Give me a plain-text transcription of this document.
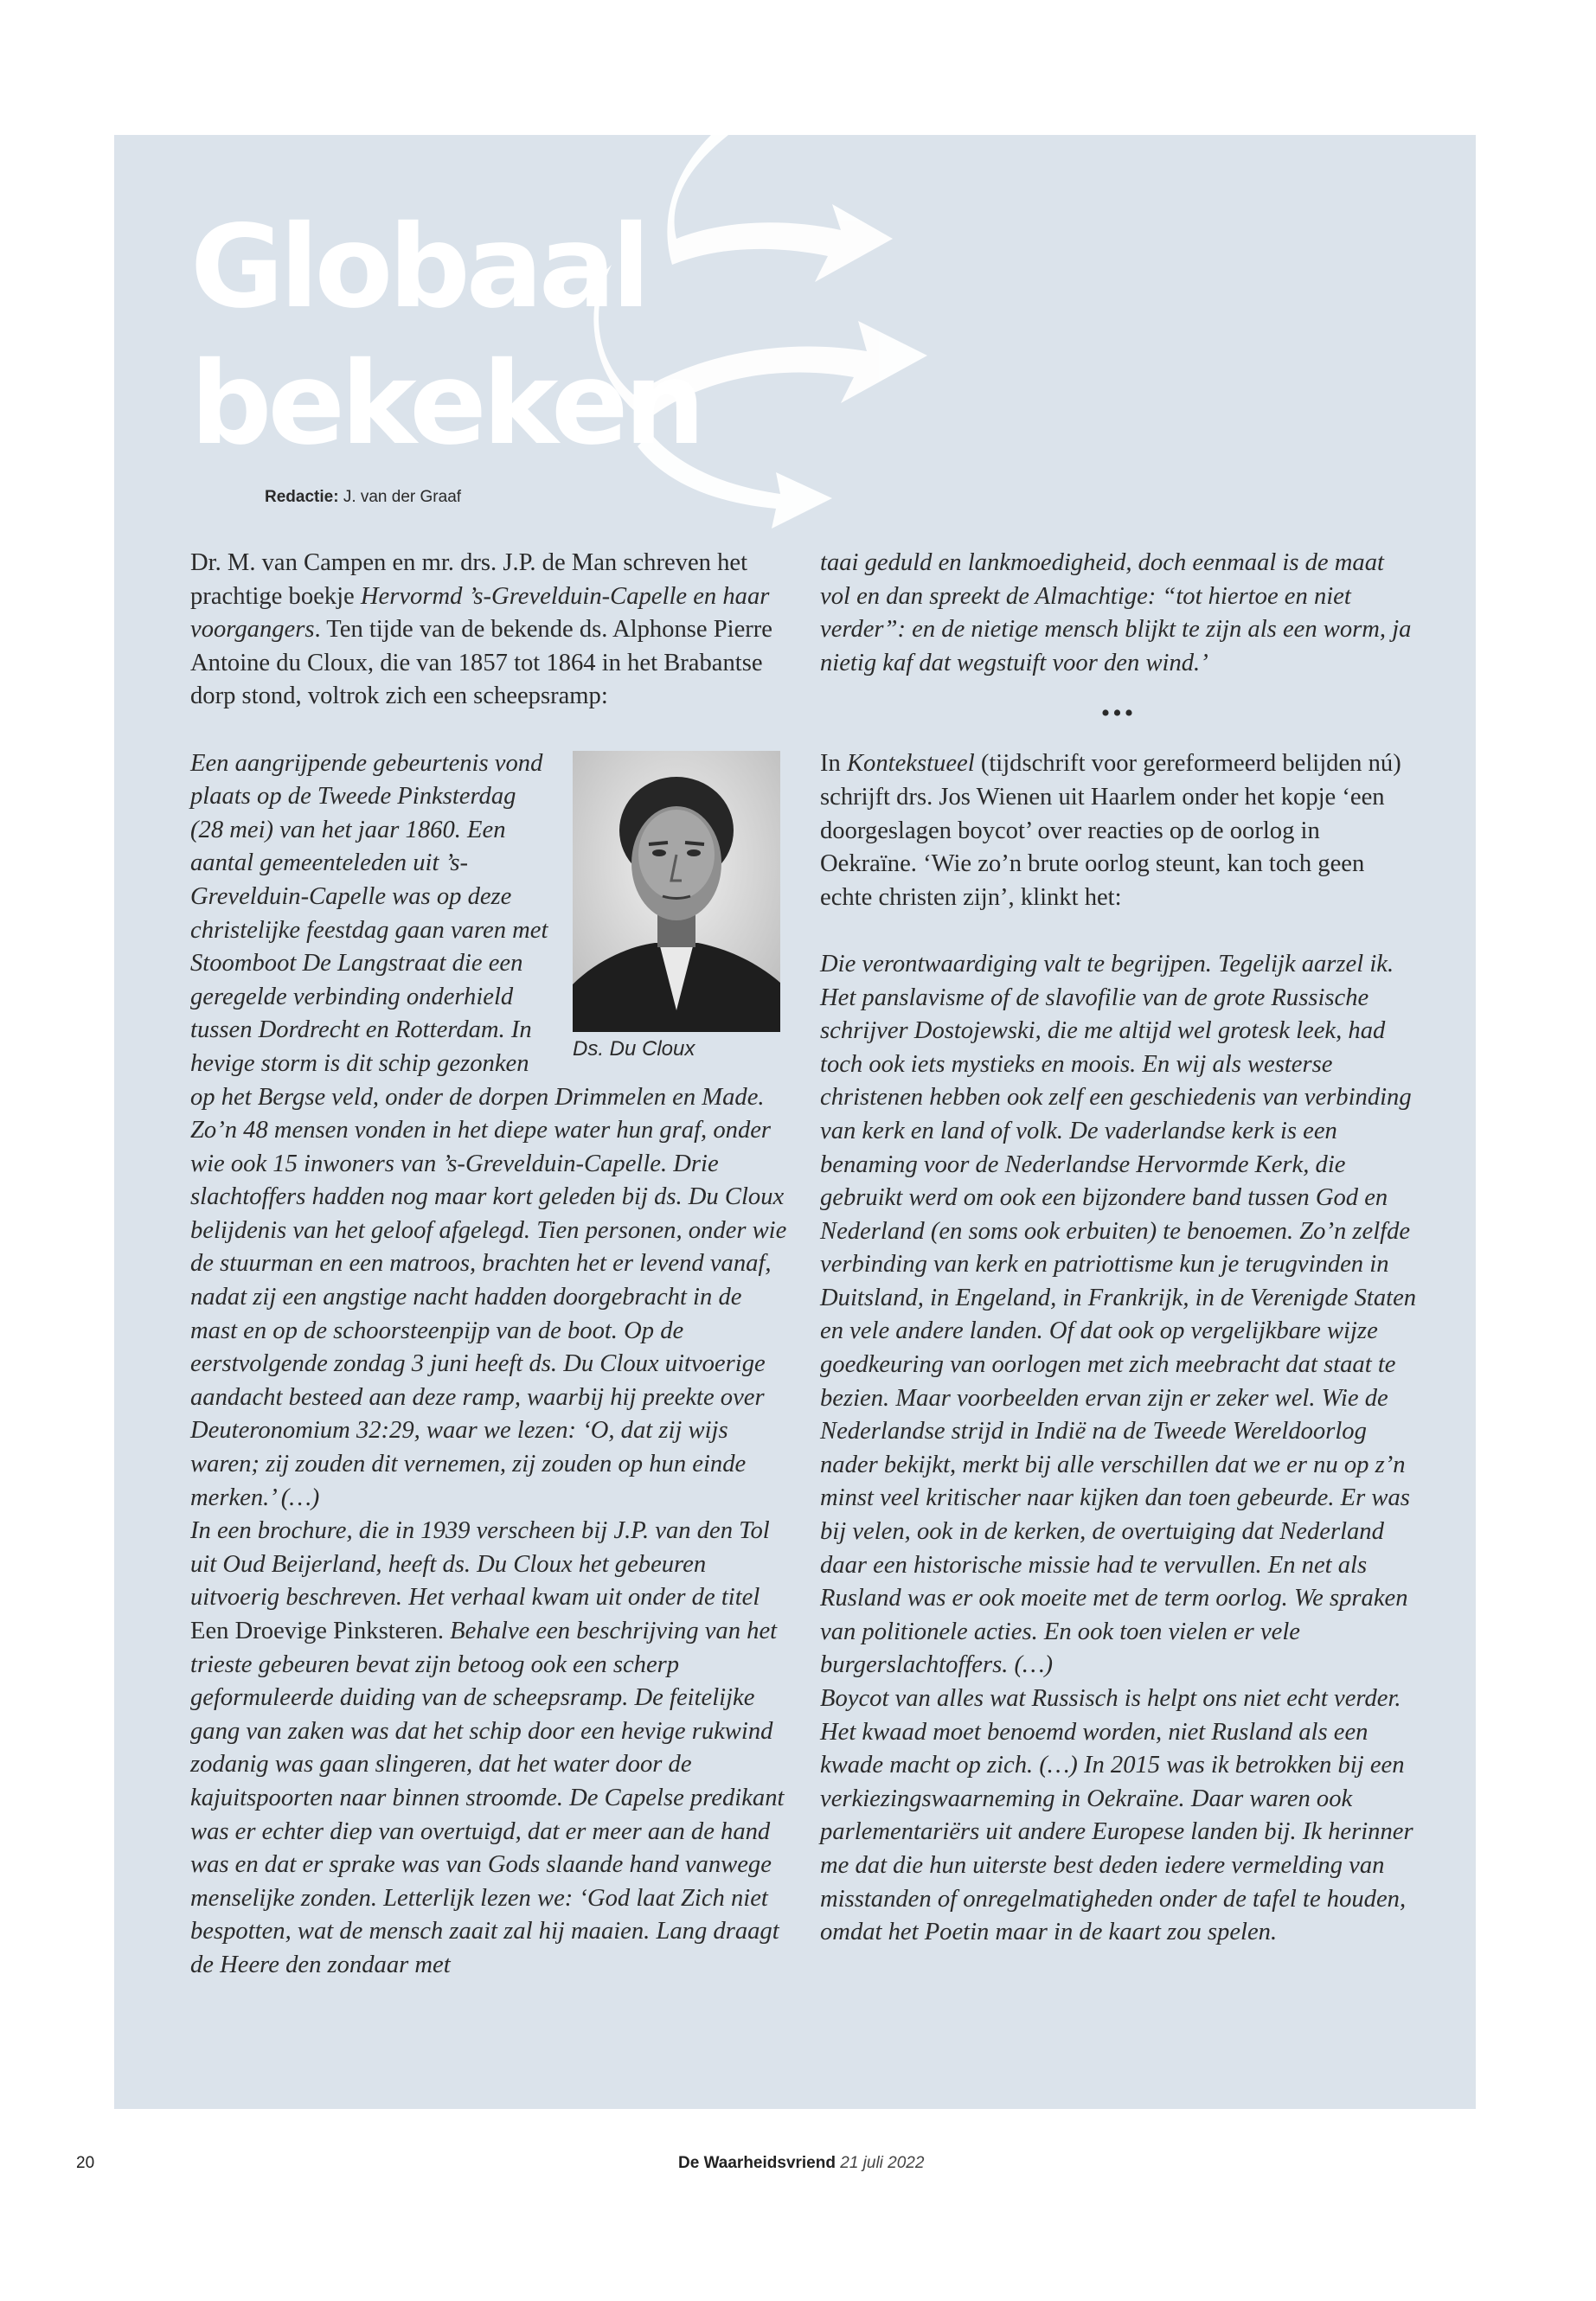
Globaal
bekeken
Redactie: J. van der Graaf

Dr. M. van Campen en mr. drs. J.P. de Man schreven het prachtige boekje Hervormd ’s-Grevelduin-Capelle en haar voorgangers. Ten tijde van de bekende ds. Alphonse Pierre Antoine du Cloux, die van 1857 tot 1864 in het Brabantse dorp stond, voltrok zich een scheepsramp:

Ds. Du Cloux

Een aangrijpende gebeurtenis vond plaats op de Tweede Pinksterdag (28 mei) van het jaar 1860. Een aantal gemeenteleden uit ’s-Grevelduin-Capelle was op deze christelijke feestdag gaan varen met Stoomboot De Langstraat die een geregelde verbinding onderhield tussen Dordrecht en Rotterdam. In hevige storm is dit schip gezonken op het Bergse veld, onder de dorpen Drimmelen en Made. Zo’n 48 mensen vonden in het diepe water hun graf, onder wie ook 15 inwoners van ’s-Grevelduin-Capelle. Drie slachtoffers hadden nog maar kort geleden bij ds. Du Cloux belijdenis van het geloof afgelegd. Tien personen, onder wie de stuurman en een matroos, brachten het er levend vanaf, nadat zij een angstige nacht hadden doorgebracht in de mast en op de schoorsteenpijp van de boot. Op de eerstvolgende zondag 3 juni heeft ds. Du Cloux uitvoerige aandacht besteed aan deze ramp, waarbij hij preekte over Deuteronomium 32:29, waar we lezen: ‘O, dat zij wijs waren; zij zouden dit vernemen, zij zouden op hun einde merken.’ (…)

In een brochure, die in 1939 verscheen bij J.P. van den Tol uit Oud Beijerland, heeft ds. Du Cloux het gebeuren uitvoerig beschreven. Het verhaal kwam uit onder de titel Een Droevige Pinksteren. Behalve een beschrijving van het trieste gebeuren bevat zijn betoog ook een scherp geformuleerde duiding van de scheepsramp. De feitelijke gang van zaken was dat het schip door een hevige rukwind zodanig was gaan slingeren, dat het water door de kajuitspoorten naar binnen stroomde. De Capelse predikant was er echter diep van overtuigd, dat er meer aan de hand was en dat er sprake was van Gods slaande hand vanwege menselijke zonden. Letterlijk lezen we: ‘God laat Zich niet bespotten, wat de mensch zaait zal hij maaien. Lang draagt de Heere den zondaar met

taai geduld en lankmoedigheid, doch eenmaal is de maat vol en dan spreekt de Almachtige: “tot hiertoe en niet verder”: en de nietige mensch blijkt te zijn als een worm, ja nietig kaf dat wegstuift voor den wind.’

•••

In Kontekstueel (tijdschrift voor gereformeerd belijden nú) schrijft drs. Jos Wienen uit Haarlem onder het kopje ‘een doorgeslagen boycot’ over reacties op de oorlog in Oekraïne. ‘Wie zo’n brute oorlog steunt, kan toch geen echte christen zijn’, klinkt het:

Die verontwaardiging valt te begrijpen. Tegelijk aarzel ik. Het panslavisme of de slavofilie van de grote Russische schrijver Dostojewski, die me altijd wel grotesk leek, had toch ook iets mystieks en moois. En wij als westerse christenen hebben ook zelf een geschiedenis van verbinding van kerk en land of volk. De vaderlandse kerk is een benaming voor de Nederlandse Hervormde Kerk, die gebruikt werd om ook een bijzondere band tussen God en Nederland (en soms ook erbuiten) te benoemen. Zo’n zelfde verbinding van kerk en patriottisme kun je terugvinden in Duitsland, in Engeland, in Frankrijk, in de Verenigde Staten en vele andere landen. Of dat ook op vergelijkbare wijze goedkeuring van oorlogen met zich meebracht dat staat te bezien. Maar voorbeelden ervan zijn er zeker wel. Wie de Nederlandse strijd in Indië na de Tweede Wereldoorlog nader bekijkt, merkt bij alle verschillen dat we er nu op z’n minst veel kritischer naar kijken dan toen gebeurde. Er was bij velen, ook in de kerken, de overtuiging dat Nederland daar een historische missie had te vervullen. En net als Rusland was er ook moeite met de term oorlog. We spraken van politionele acties. En ook toen vielen er vele burgerslachtoffers. (…)

Boycot van alles wat Russisch is helpt ons niet echt verder. Het kwaad moet benoemd worden, niet Rusland als een kwade macht op zich. (…) In 2015 was ik betrokken bij een verkiezingswaarneming in Oekraïne. Daar waren ook parlementariërs uit andere Europese landen bij. Ik herinner me dat die hun uiterste best deden iedere vermelding van misstanden of onregelmatigheden onder de tafel te houden, omdat het Poetin maar in de kaart zou spelen.

20	De Waarheidsvriend 21 juli 2022
